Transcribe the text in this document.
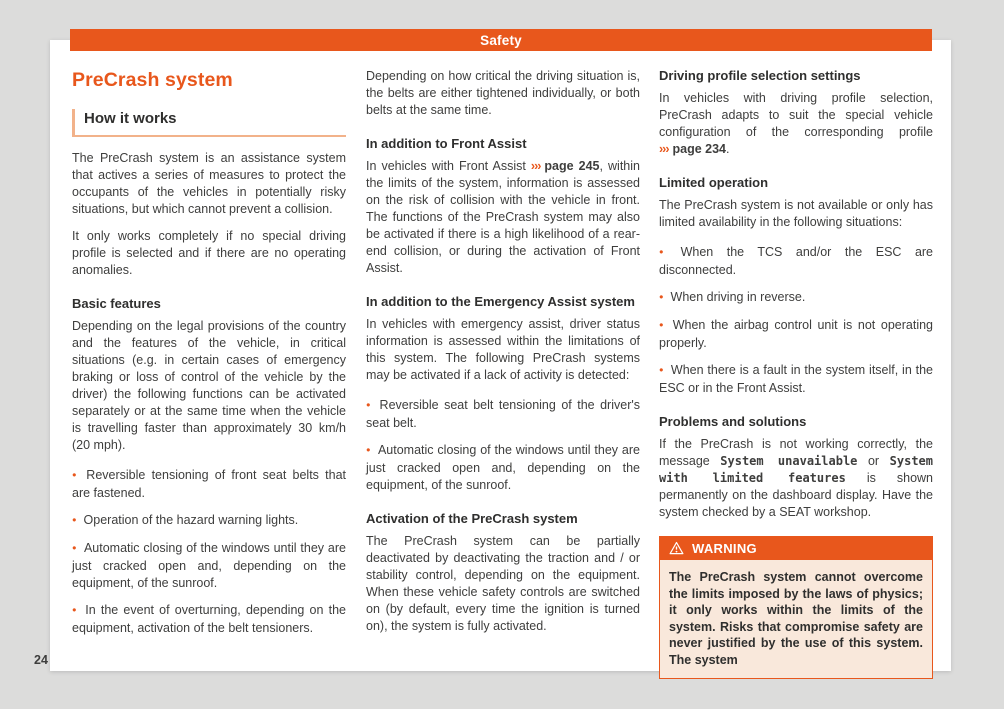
Safety
PreCrash system
How it works

The PreCrash system is an assistance system that actives a series of measures to protect the occupants of the vehicles in potentially risky situations, but which cannot prevent a collision.

It only works completely if no special driving profile is selected and if there are no operating anomalies.

Basic features

Depending on the legal provisions of the country and the features of the vehicle, in critical situations (e.g. in certain cases of emergency braking or loss of control of the vehicle by the driver) the following functions can be activated separately or at the same time when the vehicle is travelling faster than approximately 30 km/h (20 mph).

● Reversible tensioning of front seat belts that are fastened.
● Operation of the hazard warning lights.
● Automatic closing of the windows until they are just cracked open and, depending on the equipment, of the sunroof.
● In the event of overturning, depending on the equipment, activation of the belt tensioners.

Depending on how critical the driving situation is, the belts are either tightened individually, or both belts at the same time.

In addition to Front Assist

In vehicles with Front Assist ››› page 245, within the limits of the system, information is assessed on the risk of collision with the vehicle in front. The functions of the PreCrash system may also be activated if there is a high likelihood of a rear-end collision, or during the activation of Front Assist.

In addition to the Emergency Assist system

In vehicles with emergency assist, driver status information is assessed within the limitations of this system. The following PreCrash systems may be activated if a lack of activity is detected:

● Reversible seat belt tensioning of the driver's seat belt.
● Automatic closing of the windows until they are just cracked open and, depending on the equipment, of the sunroof.
Activation of the PreCrash system

The PreCrash system can be partially deactivated by deactivating the traction and / or stability control, depending on the equipment. When these vehicle safety controls are switched on (by default, every time the ignition is turned on), the system is fully activated.

Driving profile selection settings

In vehicles with driving profile selection, PreCrash adapts to suit the special vehicle configuration of the corresponding profile ››› page 234.

Limited operation

The PreCrash system is not available or only has limited availability in the following situations:

● When the TCS and/or the ESC are disconnected.
● When driving in reverse.
● When the airbag control unit is not operating properly.
● When there is a fault in the system itself, in the ESC or in the Front Assist.
Problems and solutions

If the PreCrash is not working correctly, the message System unavailable or System with limited features is shown permanently on the dashboard display. Have the system checked by a SEAT workshop.

WARNING
The PreCrash system cannot overcome the limits imposed by the laws of physics; it only works within the limits of the system. Risks that compromise safety are never justified by the use of this system. The system
24
